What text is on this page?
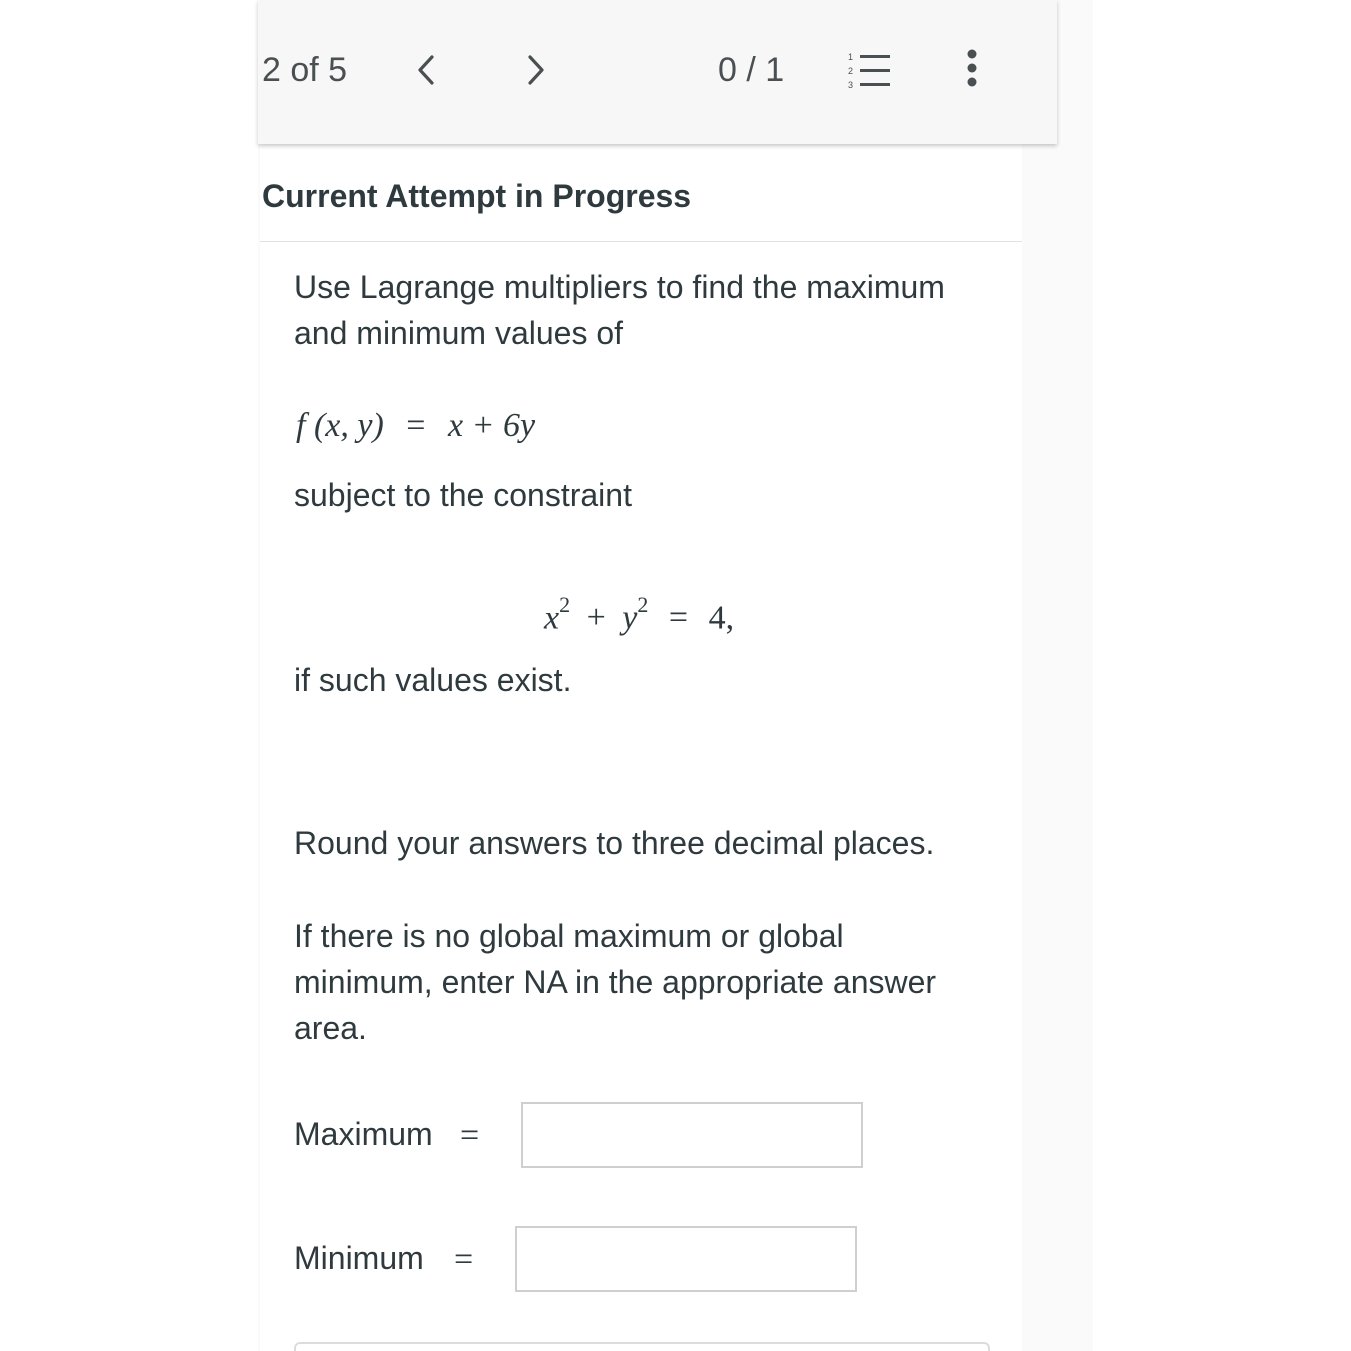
2 of 5	0 / 1	1
2
3
Current Attempt in Progress
Use Lagrange multipliers to find the maximum and minimum values of
f (x, y) = x + 6y
subject to the constraint
$x^2 + y^2 = 4$,
if such values exist.
Round your answers to three decimal places.
If there is no global maximum or global minimum, enter NA in the appropriate answer area.
Maximum =
Minimum =
